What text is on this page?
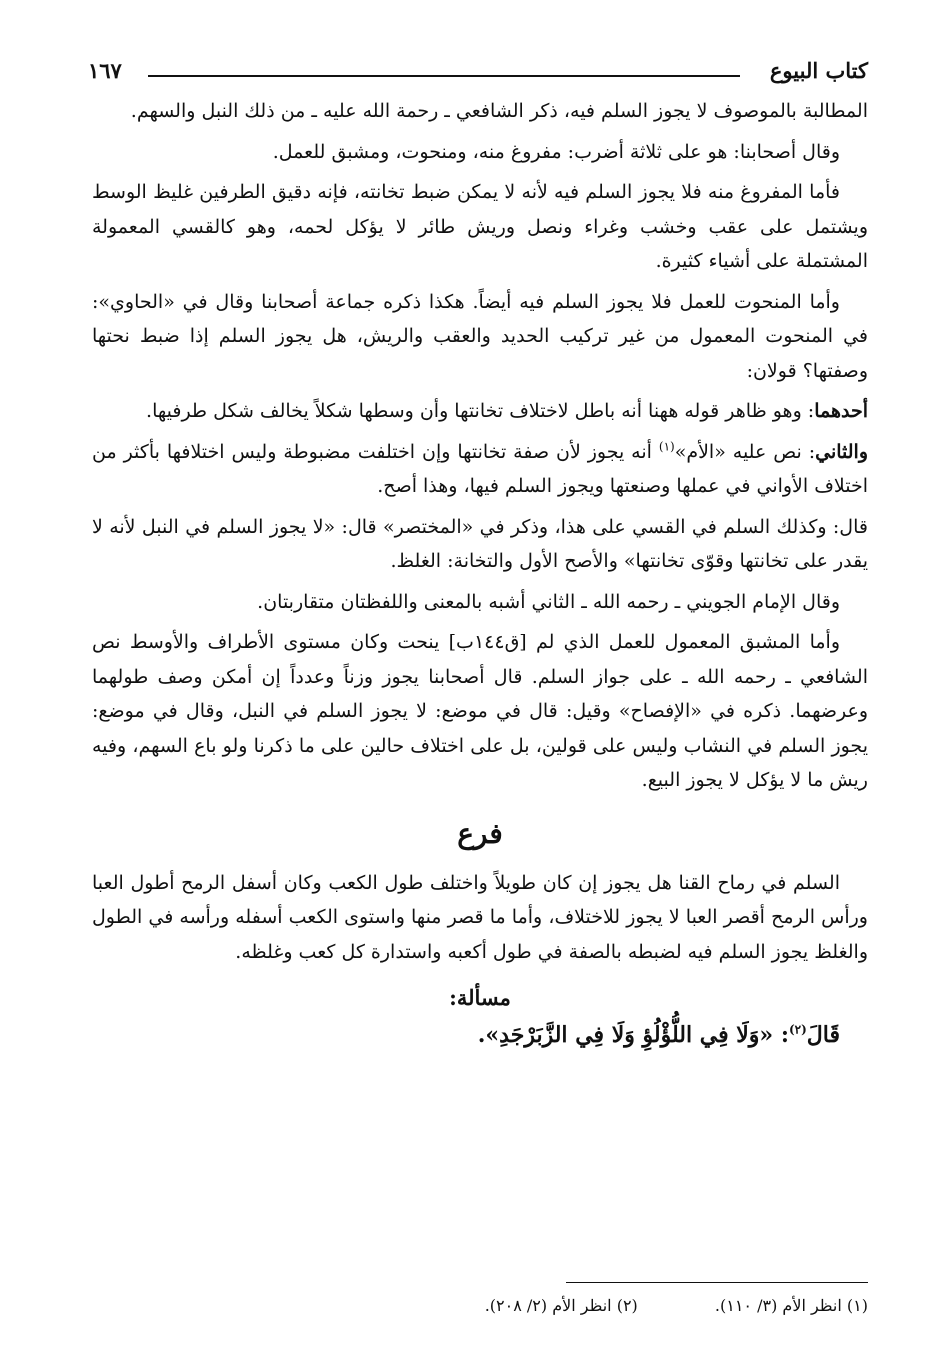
كتاب البيوع
١٦٧

المطالبة بالموصوف لا يجوز السلم فيه، ذكر الشافعي ـ رحمة الله عليه ـ من ذلك النبل والسهم.

وقال أصحابنا: هو على ثلاثة أضرب: مفروغ منه، ومنحوت، ومشبق للعمل.

فأما المفروغ منه فلا يجوز السلم فيه لأنه لا يمكن ضبط تخانته، فإنه دقيق الطرفين غليظ الوسط ويشتمل على عقب وخشب وغراء ونصل وريش طائر لا يؤكل لحمه، وهو كالقسي المعمولة المشتملة على أشياء كثيرة.

وأما المنحوت للعمل فلا يجوز السلم فيه أيضاً. هكذا ذكره جماعة أصحابنا وقال في «الحاوي»: في المنحوت المعمول من غير تركيب الحديد والعقب والريش، هل يجوز السلم إذا ضبط نحتها وصفتها؟ قولان:

أحدهما: وهو ظاهر قوله ههنا أنه باطل لاختلاف تخانتها وأن وسطها شكلاً يخالف شكل طرفيها.

والثاني: نص عليه «الأم»$^{(١)}$ أنه يجوز لأن صفة تخانتها وإن اختلفت مضبوطة وليس اختلافها بأكثر من اختلاف الأواني في عملها وصنعتها ويجوز السلم فيها، وهذا أصح.

قال: وكذلك السلم في القسي على هذا، وذكر في «المختصر» قال: «لا يجوز السلم في النبل لأنه لا يقدر على تخانتها وقوّى تخانتها» والأصح الأول والتخانة: الغلظ.

وقال الإمام الجويني ـ رحمه الله ـ الثاني أشبه بالمعنى واللفظتان متقاربتان.

وأما المشبق المعمول للعمل الذي لم [ق١٤٤ب] ينحت وكان مستوى الأطراف والأوسط نص الشافعي ـ رحمه الله ـ على جواز السلم. قال أصحابنا يجوز وزناً وعدداً إن أمكن وصف طولهما وعرضهما. ذكره في «الإفصاح» وقيل: قال في موضع: لا يجوز السلم في النبل، وقال في موضع: يجوز السلم في النشاب وليس على قولين، بل على اختلاف حالين على ما ذكرنا ولو باع السهم، وفيه ريش ما لا يؤكل لا يجوز البيع.

فرع

السلم في رماح القنا هل يجوز إن كان طويلاً واختلف طول الكعب وكان أسفل الرمح أطول العبا ورأس الرمح أقصر العبا لا يجوز للاختلاف، وأما ما قصر منها واستوى الكعب أسفله ورأسه في الطول والغلظ يجوز السلم فيه لضبطه بالصفة في طول أكعبه واستدارة كل كعب وغلظه.

مسألة:

قَالَ$^{(٢)}$: «وَلَا فِي اللُّؤْلُؤِ وَلَا فِي الزَّبَرْجَدِ».

(١) انظر الأم (٣/ ١١٠). (٢) انظر الأم (٢/ ٢٠٨).
